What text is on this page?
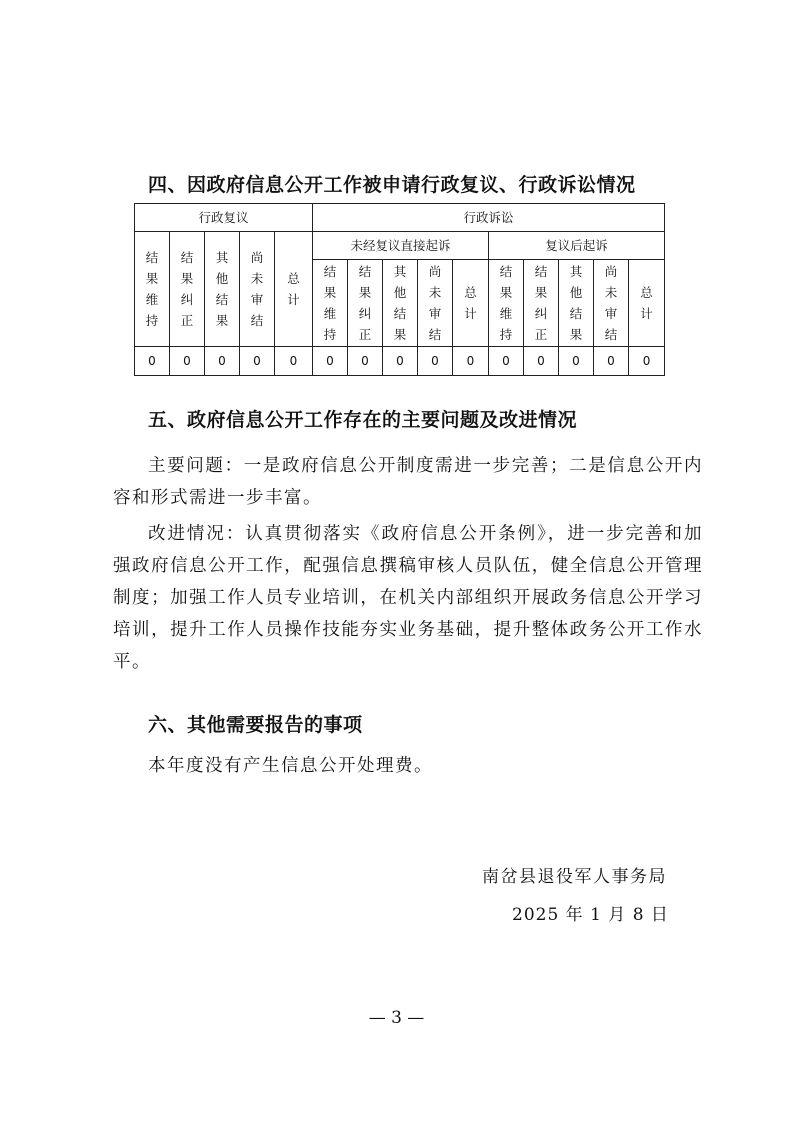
四、因政府信息公开工作被申请行政复议、行政诉讼情况
行政复议					行政诉讼									
结果维持	结果纠正	其他结果	尚未审结	总计	未经复议直接起诉					复议后起诉				
					结果维持	结果纠正	其他结果	尚未审结	总计	结果维持	结果纠正	其他结果	尚未审结	总计
0	0	0	0	0	0	0	0	0	0	0	0	0	0	0
五、政府信息公开工作存在的主要问题及改进情况
主要问题：一是政府信息公开制度需进一步完善；二是信息公开内容和形式需进一步丰富。
改进情况：认真贯彻落实《政府信息公开条例》，进一步完善和加强政府信息公开工作，配强信息撰稿审核人员队伍，健全信息公开管理制度；加强工作人员专业培训，在机关内部组织开展政务信息公开学习培训，提升工作人员操作技能夯实业务基础，提升整体政务公开工作水平。
六、其他需要报告的事项
本年度没有产生信息公开处理费。
南岔县退役军人事务局
2025 年 1 月 8 日
— 3 —
